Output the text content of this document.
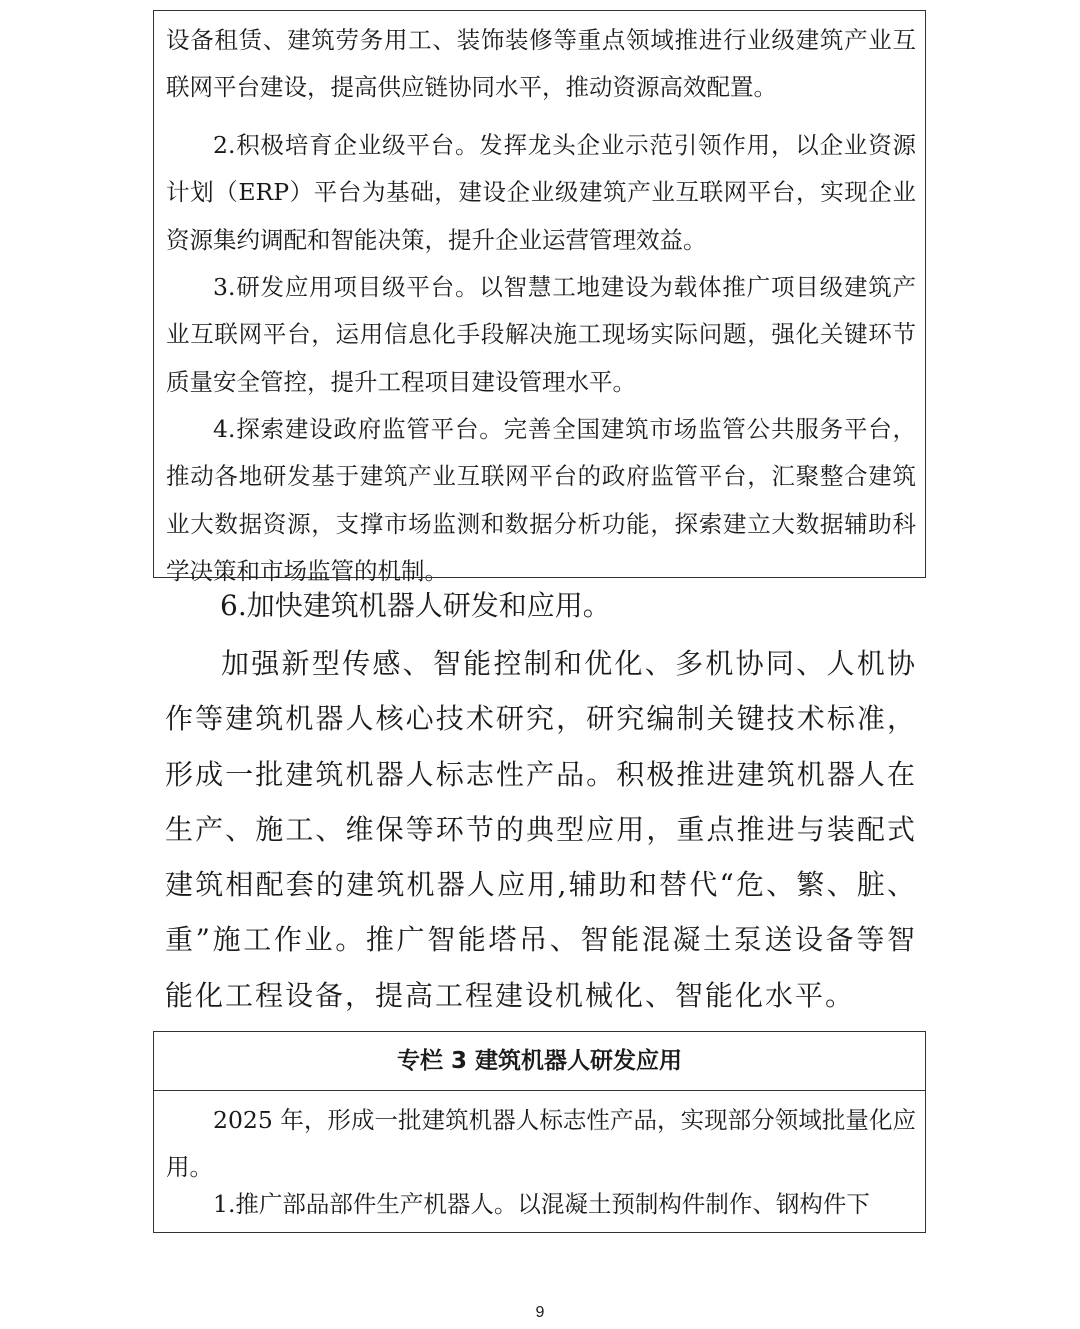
设备租赁、建筑劳务用工、装饰装修等重点领域推进行业级建筑产业互联网平台建设，提高供应链协同水平，推动资源高效配置。

2.积极培育企业级平台。发挥龙头企业示范引领作用，以企业资源计划（ERP）平台为基础，建设企业级建筑产业互联网平台，实现企业资源集约调配和智能决策，提升企业运营管理效益。

3.研发应用项目级平台。以智慧工地建设为载体推广项目级建筑产业互联网平台，运用信息化手段解决施工现场实际问题，强化关键环节质量安全管控，提升工程项目建设管理水平。

4.探索建设政府监管平台。完善全国建筑市场监管公共服务平台，推动各地研发基于建筑产业互联网平台的政府监管平台，汇聚整合建筑业大数据资源，支撑市场监测和数据分析功能，探索建立大数据辅助科学决策和市场监管的机制。

6.加快建筑机器人研发和应用。

加强新型传感、智能控制和优化、多机协同、人机协作等建筑机器人核心技术研究，研究编制关键技术标准，形成一批建筑机器人标志性产品。积极推进建筑机器人在生产、施工、维保等环节的典型应用，重点推进与装配式建筑相配套的建筑机器人应用,辅助和替代“危、繁、脏、重”施工作业。推广智能塔吊、智能混凝土泵送设备等智能化工程设备，提高工程建设机械化、智能化水平。

专栏 3 建筑机器人研发应用

2025 年，形成一批建筑机器人标志性产品，实现部分领域批量化应用。

1.推广部品部件生产机器人。以混凝土预制构件制作、钢构件下

9
